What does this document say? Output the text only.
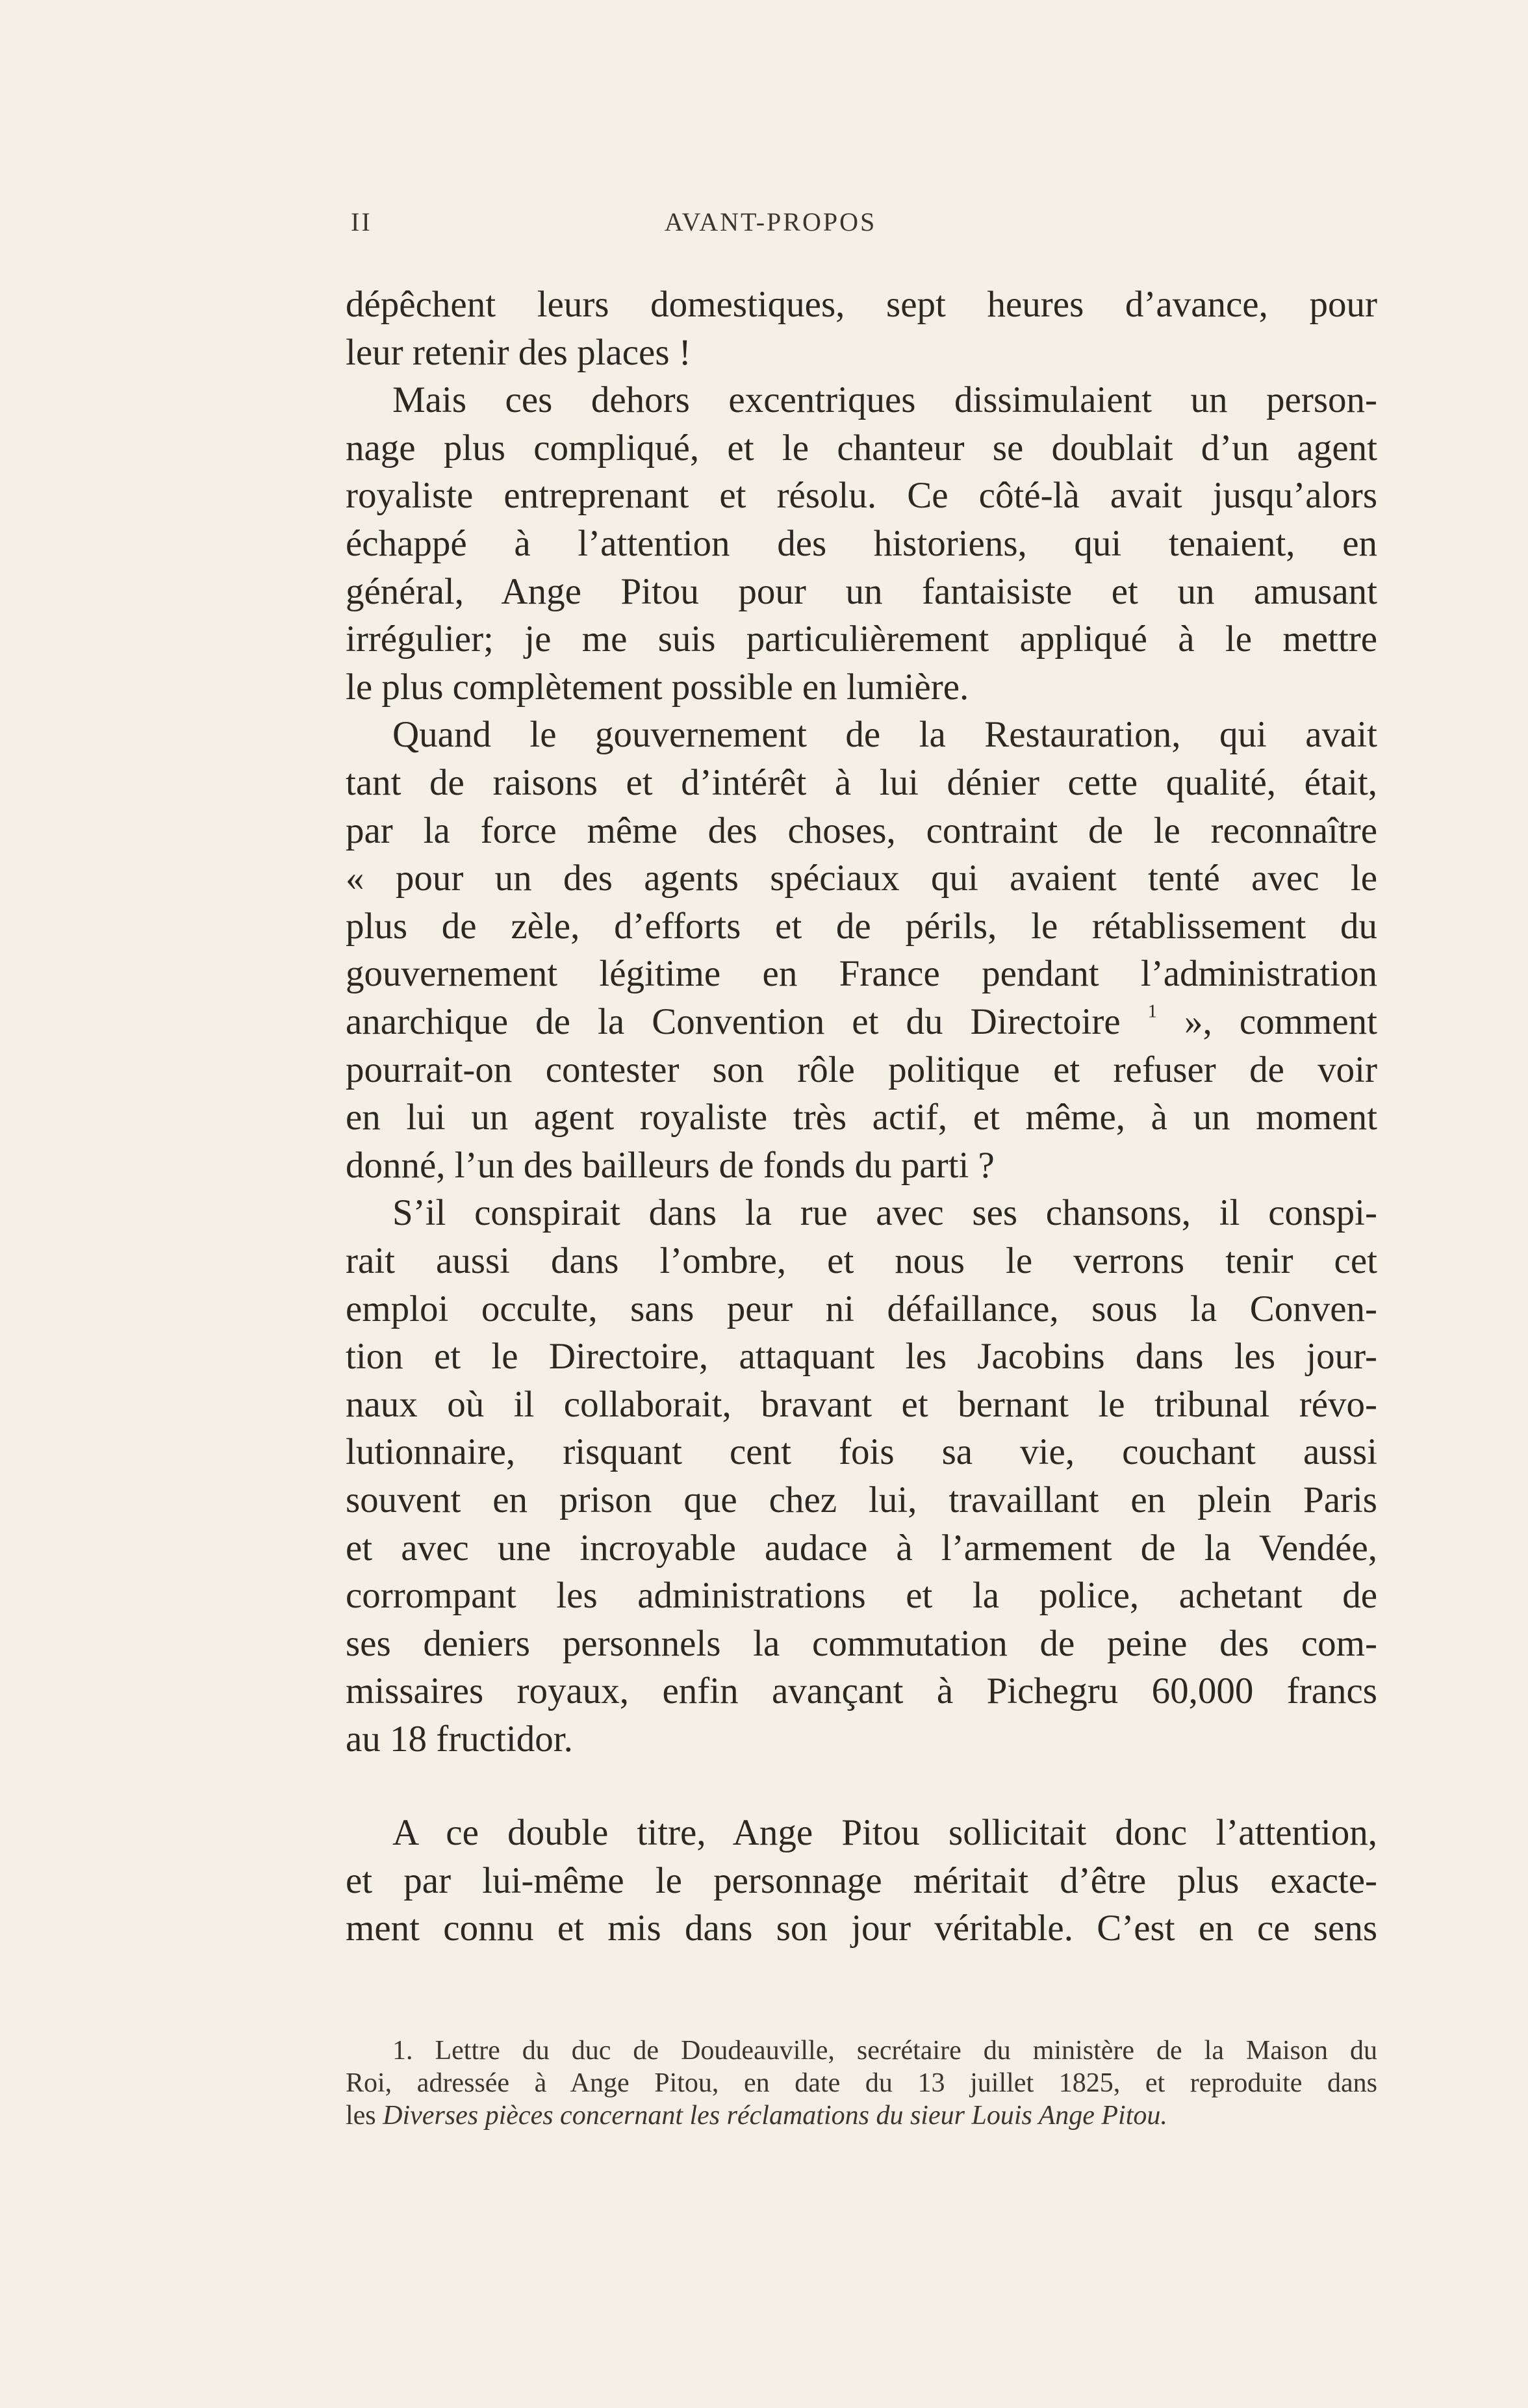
II	AVANT-PROPOS
dépêchent leurs domestiques, sept heures d’avance, pour
leur retenir des places !
Mais ces dehors excentriques dissimulaient un person-
nage plus compliqué, et le chanteur se doublait d’un agent
royaliste entreprenant et résolu. Ce côté-là avait jusqu’alors
échappé à l’attention des historiens, qui tenaient, en
général, Ange Pitou pour un fantaisiste et un amusant
irrégulier; je me suis particulièrement appliqué à le mettre
le plus complètement possible en lumière.
Quand le gouvernement de la Restauration, qui avait
tant de raisons et d’intérêt à lui dénier cette qualité, était,
par la force même des choses, contraint de le reconnaître
« pour un des agents spéciaux qui avaient tenté avec le
plus de zèle, d’efforts et de périls, le rétablissement du
gouvernement légitime en France pendant l’administration
anarchique de la Convention et du Directoire $^1$ », comment
pourrait-on contester son rôle politique et refuser de voir
en lui un agent royaliste très actif, et même, à un moment
donné, l’un des bailleurs de fonds du parti ?
S’il conspirait dans la rue avec ses chansons, il conspi-
rait aussi dans l’ombre, et nous le verrons tenir cet
emploi occulte, sans peur ni défaillance, sous la Conven-
tion et le Directoire, attaquant les Jacobins dans les jour-
naux où il collaborait, bravant et bernant le tribunal révo-
lutionnaire, risquant cent fois sa vie, couchant aussi
souvent en prison que chez lui, travaillant en plein Paris
et avec une incroyable audace à l’armement de la Vendée,
corrompant les administrations et la police, achetant de
ses deniers personnels la commutation de peine des com-
missaires royaux, enfin avançant à Pichegru 60,000 francs
au 18 fructidor.
A ce double titre, Ange Pitou sollicitait donc l’attention,
et par lui-même le personnage méritait d’être plus exacte-
ment connu et mis dans son jour véritable. C’est en ce sens
1. Lettre du duc de Doudeauville, secrétaire du ministère de la Maison du
Roi, adressée à Ange Pitou, en date du 13 juillet 1825, et reproduite dans
les Diverses pièces concernant les réclamations du sieur Louis Ange Pitou.
